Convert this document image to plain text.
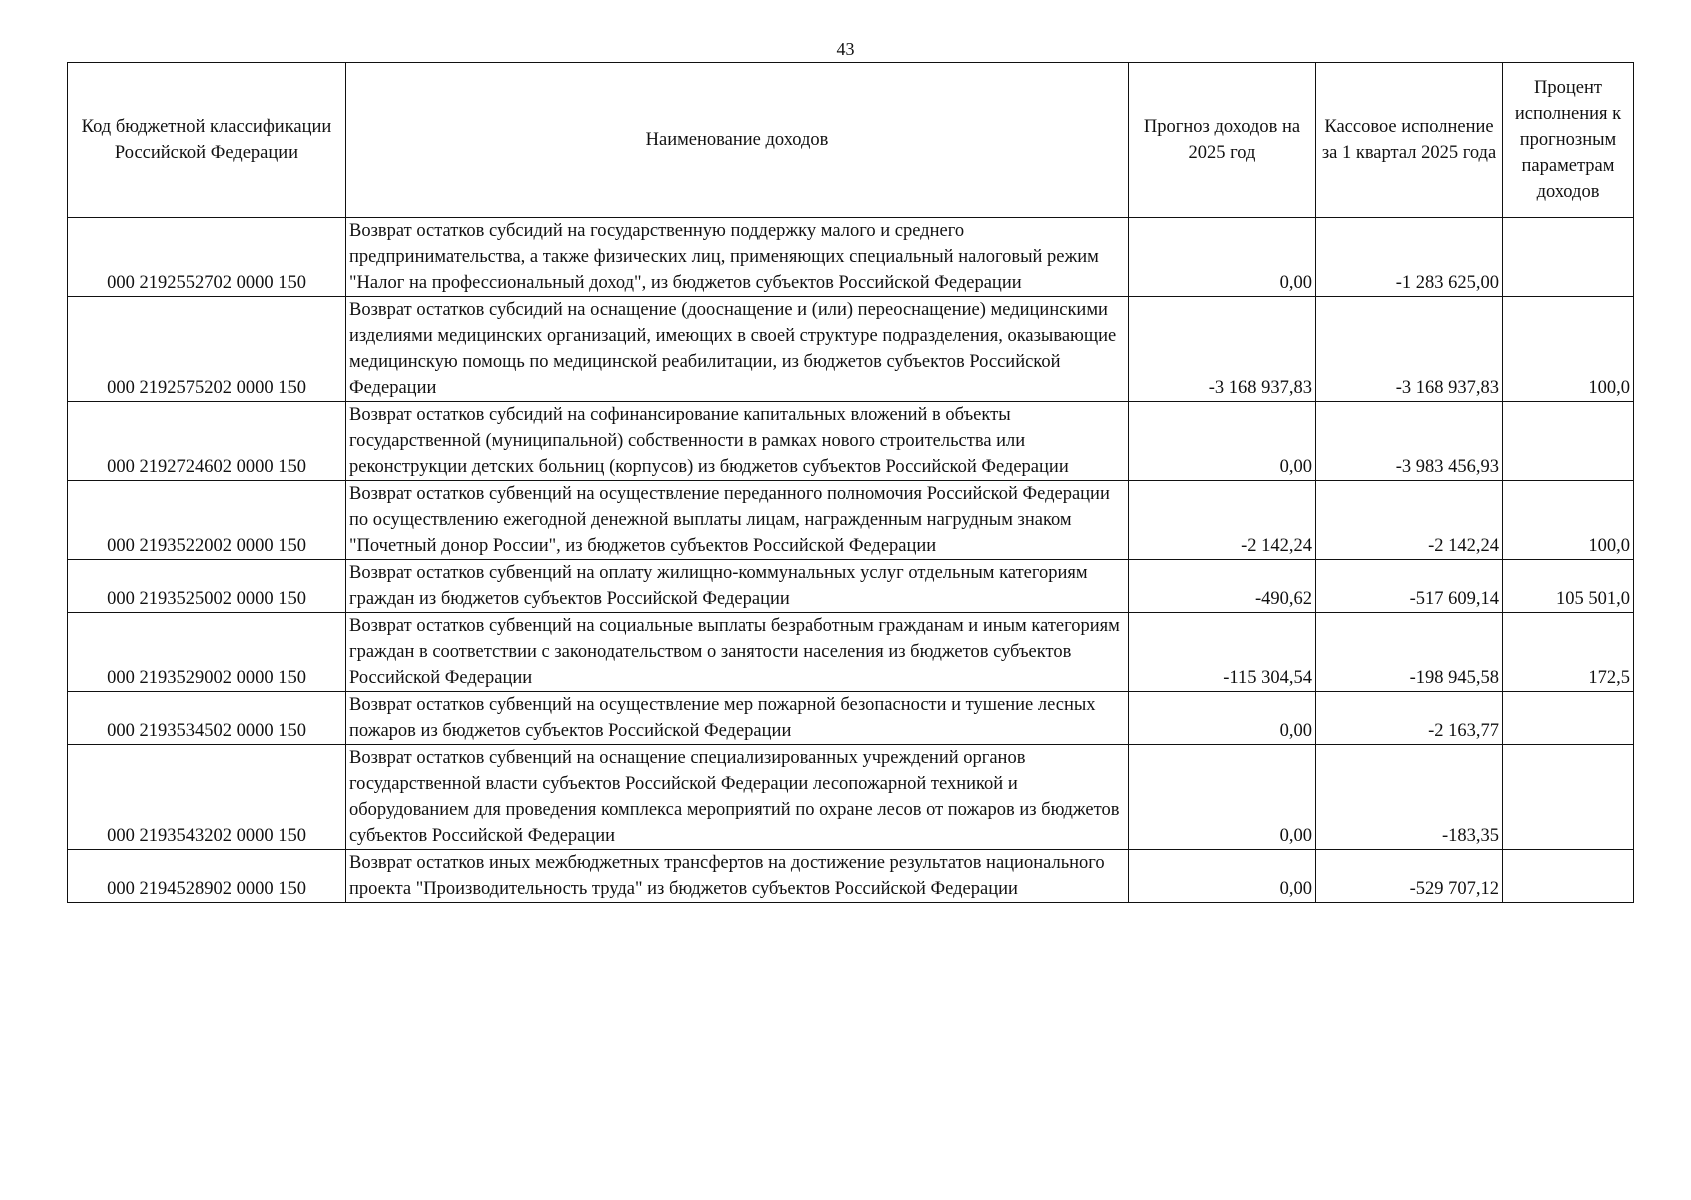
43
Код бюджетной классификации Российской Федерации	Наименование доходов	Прогноз доходов на 2025 год	Кассовое исполнение за 1 квартал 2025 года	Процент исполнения к прогнозным параметрам доходов
000 2192552702 0000 150	Возврат остатков субсидий на государственную поддержку малого и среднего предпринимательства, а также физических лиц, применяющих специальный налоговый режим "Налог на профессиональный доход", из бюджетов субъектов Российской Федерации	0,00	-1 283 625,00	
000 2192575202 0000 150	Возврат остатков субсидий на оснащение (дооснащение и (или) переоснащение) медицинскими изделиями медицинских организаций, имеющих в своей структуре подразделения, оказывающие медицинскую помощь по медицинской реабилитации, из бюджетов субъектов Российской Федерации	-3 168 937,83	-3 168 937,83	100,0
000 2192724602 0000 150	Возврат остатков субсидий на софинансирование капитальных вложений в объекты государственной (муниципальной) собственности в рамках нового строительства или реконструкции детских больниц (корпусов) из бюджетов субъектов Российской Федерации	0,00	-3 983 456,93	
000 2193522002 0000 150	Возврат остатков субвенций на осуществление переданного полномочия Российской Федерации по осуществлению ежегодной денежной выплаты лицам, награжденным нагрудным знаком "Почетный донор России", из бюджетов субъектов Российской Федерации	-2 142,24	-2 142,24	100,0
000 2193525002 0000 150	Возврат остатков субвенций на оплату жилищно-коммунальных услуг отдельным категориям граждан из бюджетов субъектов Российской Федерации	-490,62	-517 609,14	105 501,0
000 2193529002 0000 150	Возврат остатков субвенций на социальные выплаты безработным гражданам и иным категориям граждан в соответствии с законодательством о занятости населения из бюджетов субъектов Российской Федерации	-115 304,54	-198 945,58	172,5
000 2193534502 0000 150	Возврат остатков субвенций на осуществление мер пожарной безопасности и тушение лесных пожаров из бюджетов субъектов Российской Федерации	0,00	-2 163,77	
000 2193543202 0000 150	Возврат остатков субвенций на оснащение специализированных учреждений органов государственной власти субъектов Российской Федерации лесопожарной техникой и оборудованием для проведения комплекса мероприятий по охране лесов от пожаров из бюджетов субъектов Российской Федерации	0,00	-183,35	
000 2194528902 0000 150	Возврат остатков иных межбюджетных трансфертов на достижение результатов национального проекта "Производительность труда" из бюджетов субъектов Российской Федерации	0,00	-529 707,12	
